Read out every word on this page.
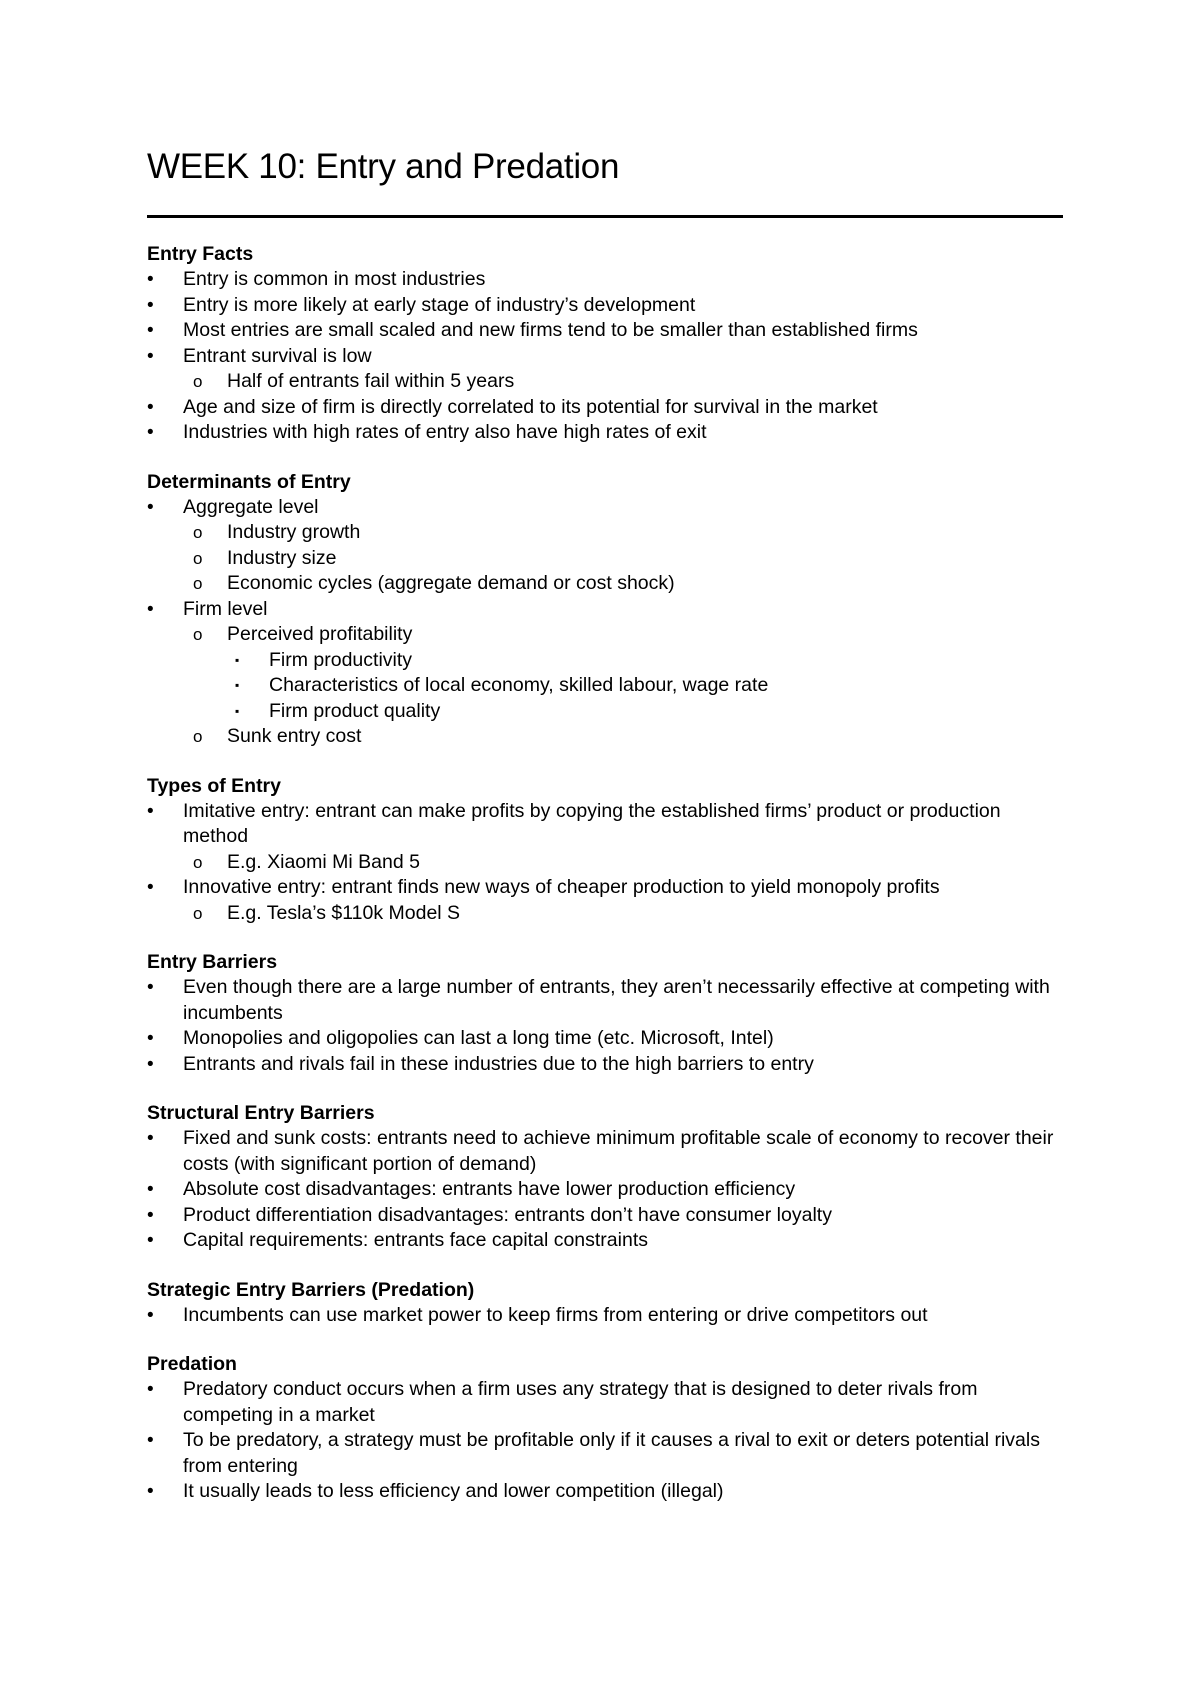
WEEK 10: Entry and Predation
Entry Facts
• Entry is common in most industries
• Entry is more likely at early stage of industry’s development
• Most entries are small scaled and new firms tend to be smaller than established firms
• Entrant survival is low
o Half of entrants fail within 5 years
• Age and size of firm is directly correlated to its potential for survival in the market
• Industries with high rates of entry also have high rates of exit
Determinants of Entry
• Aggregate level
o Industry growth
o Industry size
o Economic cycles (aggregate demand or cost shock)
• Firm level
o Perceived profitability
▪ Firm productivity
▪ Characteristics of local economy, skilled labour, wage rate
▪ Firm product quality
o Sunk entry cost
Types of Entry
• Imitative entry: entrant can make profits by copying the established firms’ product or production method
o E.g. Xiaomi Mi Band 5
• Innovative entry: entrant finds new ways of cheaper production to yield monopoly profits
o E.g. Tesla’s $110k Model S
Entry Barriers
• Even though there are a large number of entrants, they aren’t necessarily effective at competing with incumbents
• Monopolies and oligopolies can last a long time (etc. Microsoft, Intel)
• Entrants and rivals fail in these industries due to the high barriers to entry
Structural Entry Barriers
• Fixed and sunk costs: entrants need to achieve minimum profitable scale of economy to recover their costs (with significant portion of demand)
• Absolute cost disadvantages: entrants have lower production efficiency
• Product differentiation disadvantages: entrants don’t have consumer loyalty
• Capital requirements: entrants face capital constraints
Strategic Entry Barriers (Predation)
• Incumbents can use market power to keep firms from entering or drive competitors out
Predation
• Predatory conduct occurs when a firm uses any strategy that is designed to deter rivals from competing in a market
• To be predatory, a strategy must be profitable only if it causes a rival to exit or deters potential rivals from entering
• It usually leads to less efficiency and lower competition (illegal)
